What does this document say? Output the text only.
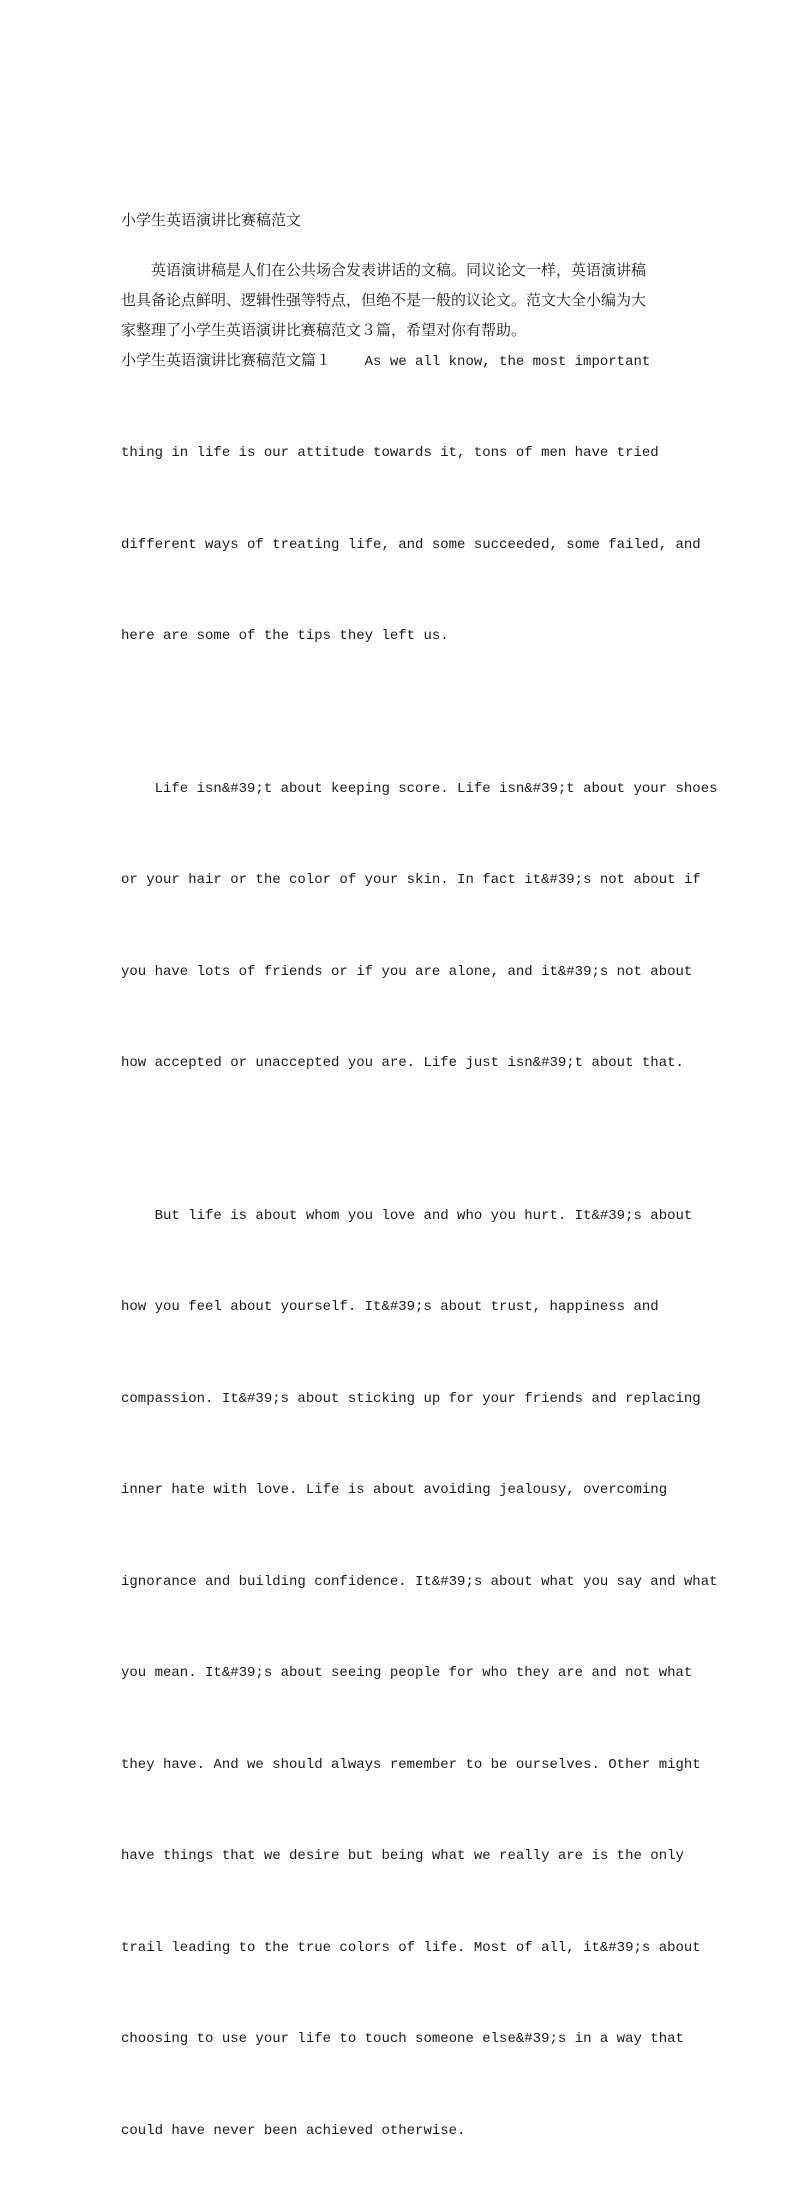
小学生英语演讲比赛稿范文
英语演讲稿是人们在公共场合发表讲话的文稿。同议论文一样，英语演讲稿
也具备论点鲜明、逻辑性强等特点，但绝不是一般的议论文。范文大全小编为大
家整理了小学生英语演讲比赛稿范文３篇，希望对你有帮助。
小学生英语演讲比赛稿范文篇１    As we all know, the most important

thing in life is our attitude towards it, tons of men have tried

different ways of treating life, and some succeeded, some failed, and

here are some of the tips they left us.

Life isn&#39;t about keeping score. Life isn&#39;t about your shoes

or your hair or the color of your skin. In fact it&#39;s not about if

you have lots of friends or if you are alone, and it&#39;s not about

how accepted or unaccepted you are. Life just isn&#39;t about that.

But life is about whom you love and who you hurt. It&#39;s about

how you feel about yourself. It&#39;s about trust, happiness and

compassion. It&#39;s about sticking up for your friends and replacing

inner hate with love. Life is about avoiding jealousy, overcoming

ignorance and building confidence. It&#39;s about what you say and what

you mean. It&#39;s about seeing people for who they are and not what

they have. And we should always remember to be ourselves. Other might

have things that we desire but being what we really are is the only

trail leading to the true colors of life. Most of all, it&#39;s about

choosing to use your life to touch someone else&#39;s in a way that

could have never been achieved otherwise.
